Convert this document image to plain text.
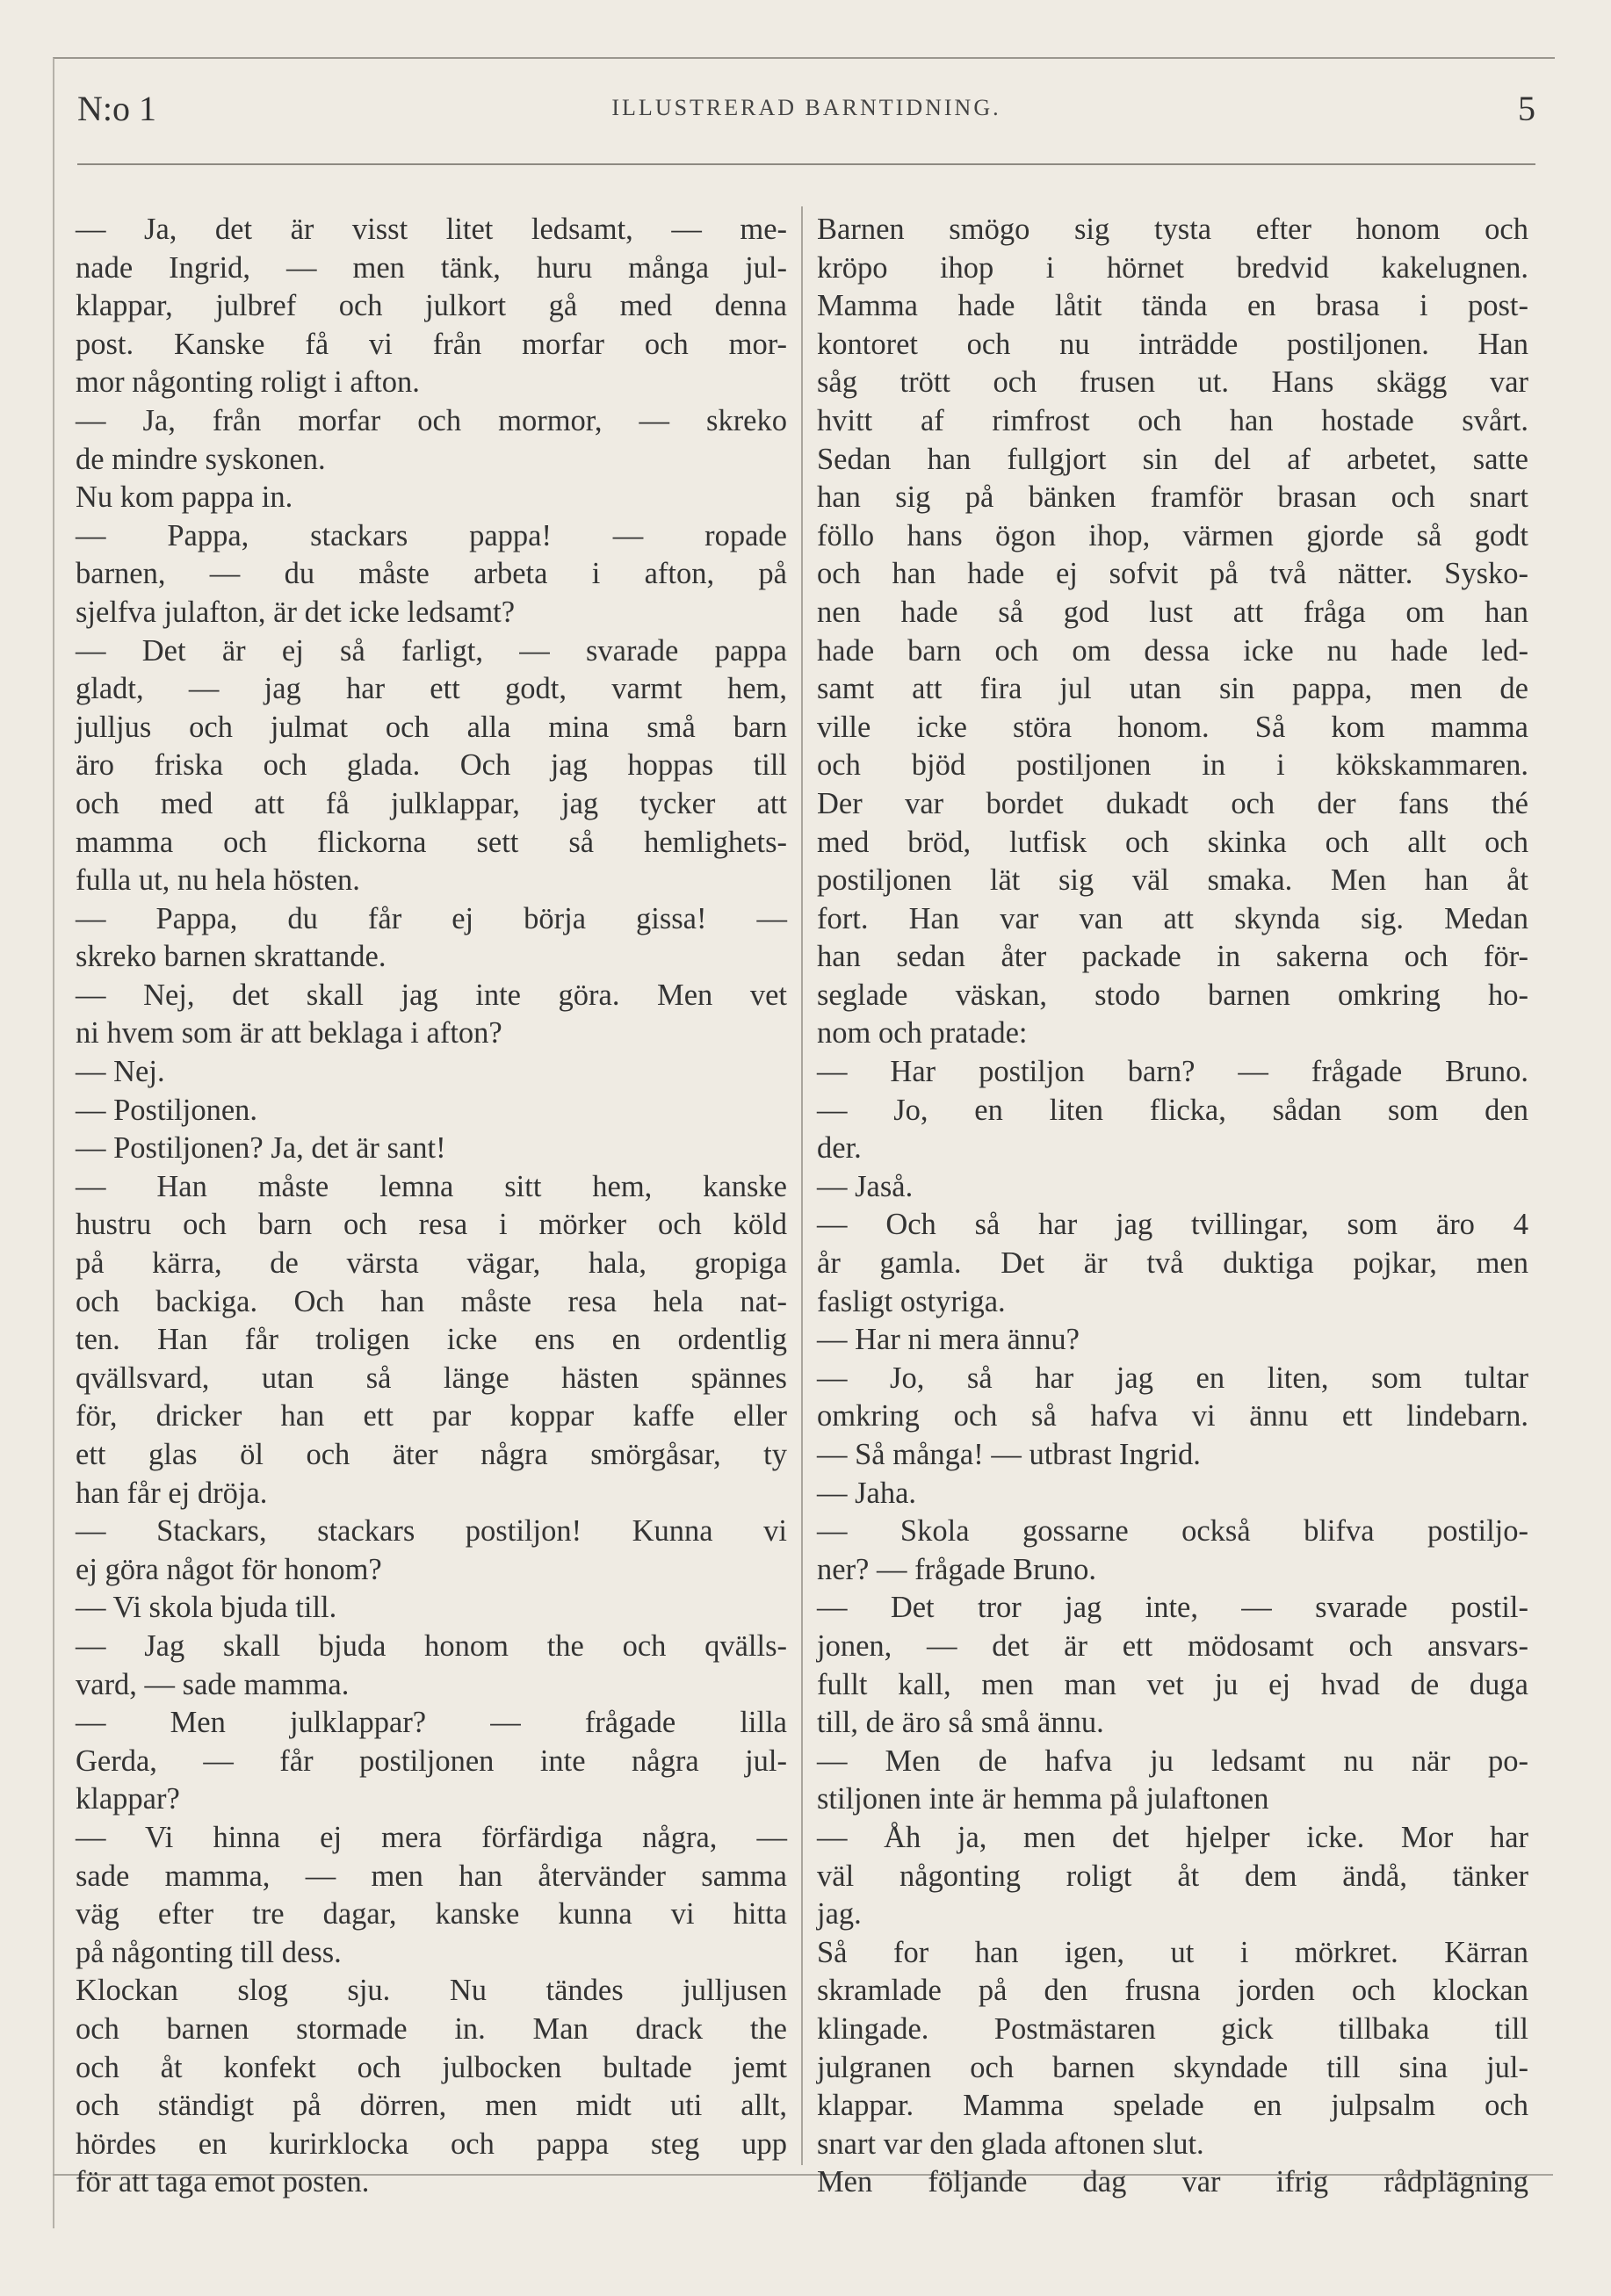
N:o 1	ILLUSTRERAD BARNTIDNING.	5
— Ja, det är visst litet ledsamt, — me-
nade Ingrid, — men tänk, huru många jul-
klappar, julbref och julkort gå med denna
post. Kanske få vi från morfar och mor-
mor någonting roligt i afton.
— Ja, från morfar och mormor, — skreko
de mindre syskonen.
Nu kom pappa in.
— Pappa, stackars pappa! — ropade
barnen, — du måste arbeta i afton, på
sjelfva julafton, är det icke ledsamt?
— Det är ej så farligt, — svarade pappa
gladt, — jag har ett godt, varmt hem,
julljus och julmat och alla mina små barn
äro friska och glada. Och jag hoppas till
och med att få julklappar, jag tycker att
mamma och flickorna sett så hemlighets-
fulla ut, nu hela hösten.
— Pappa, du får ej börja gissa! —
skreko barnen skrattande.
— Nej, det skall jag inte göra. Men vet
ni hvem som är att beklaga i afton?
— Nej.
— Postiljonen.
— Postiljonen? Ja, det är sant!
— Han måste lemna sitt hem, kanske
hustru och barn och resa i mörker och köld
på kärra, de värsta vägar, hala, gropiga
och backiga. Och han måste resa hela nat-
ten. Han får troligen icke ens en ordentlig
qvällsvard, utan så länge hästen spännes
för, dricker han ett par koppar kaffe eller
ett glas öl och äter några smörgåsar, ty
han får ej dröja.
— Stackars, stackars postiljon! Kunna vi
ej göra något för honom?
— Vi skola bjuda till.
— Jag skall bjuda honom the och qvälls-
vard, — sade mamma.
— Men julklappar? — frågade lilla
Gerda, — får postiljonen inte några jul-
klappar?
— Vi hinna ej mera förfärdiga några, —
sade mamma, — men han återvänder samma
väg efter tre dagar, kanske kunna vi hitta
på någonting till dess.
Klockan slog sju. Nu tändes julljusen
och barnen stormade in. Man drack the
och åt konfekt och julbocken bultade jemt
och ständigt på dörren, men midt uti allt,
hördes en kurirklocka och pappa steg upp
för att taga emot posten.
Barnen smögo sig tysta efter honom och
kröpo ihop i hörnet bredvid kakelugnen.
Mamma hade låtit tända en brasa i post-
kontoret och nu inträdde postiljonen. Han
såg trött och frusen ut. Hans skägg var
hvitt af rimfrost och han hostade svårt.
Sedan han fullgjort sin del af arbetet, satte
han sig på bänken framför brasan och snart
föllo hans ögon ihop, värmen gjorde så godt
och han hade ej sofvit på två nätter. Sysko-
nen hade så god lust att fråga om han
hade barn och om dessa icke nu hade led-
samt att fira jul utan sin pappa, men de
ville icke störa honom. Så kom mamma
och bjöd postiljonen in i kökskammaren.
Der var bordet dukadt och der fans thé
med bröd, lutfisk och skinka och allt och
postiljonen lät sig väl smaka. Men han åt
fort. Han var van att skynda sig. Medan
han sedan åter packade in sakerna och för-
seglade väskan, stodo barnen omkring ho-
nom och pratade:
— Har postiljon barn? — frågade Bruno.
— Jo, en liten flicka, sådan som den
der.
— Jaså.
— Och så har jag tvillingar, som äro 4
år gamla. Det är två duktiga pojkar, men
fasligt ostyriga.
— Har ni mera ännu?
— Jo, så har jag en liten, som tultar
omkring och så hafva vi ännu ett lindebarn.
— Så många! — utbrast Ingrid.
— Jaha.
— Skola gossarne också blifva postiljo-
ner? — frågade Bruno.
— Det tror jag inte, — svarade postil-
jonen, — det är ett mödosamt och ansvars-
fullt kall, men man vet ju ej hvad de duga
till, de äro så små ännu.
— Men de hafva ju ledsamt nu när po-
stiljonen inte är hemma på julaftonen
— Åh ja, men det hjelper icke. Mor har
väl någonting roligt åt dem ändå, tänker
jag.
Så for han igen, ut i mörkret. Kärran
skramlade på den frusna jorden och klockan
klingade. Postmästaren gick tillbaka till
julgranen och barnen skyndade till sina jul-
klappar. Mamma spelade en julpsalm och
snart var den glada aftonen slut.
Men följande dag var ifrig rådplägning
